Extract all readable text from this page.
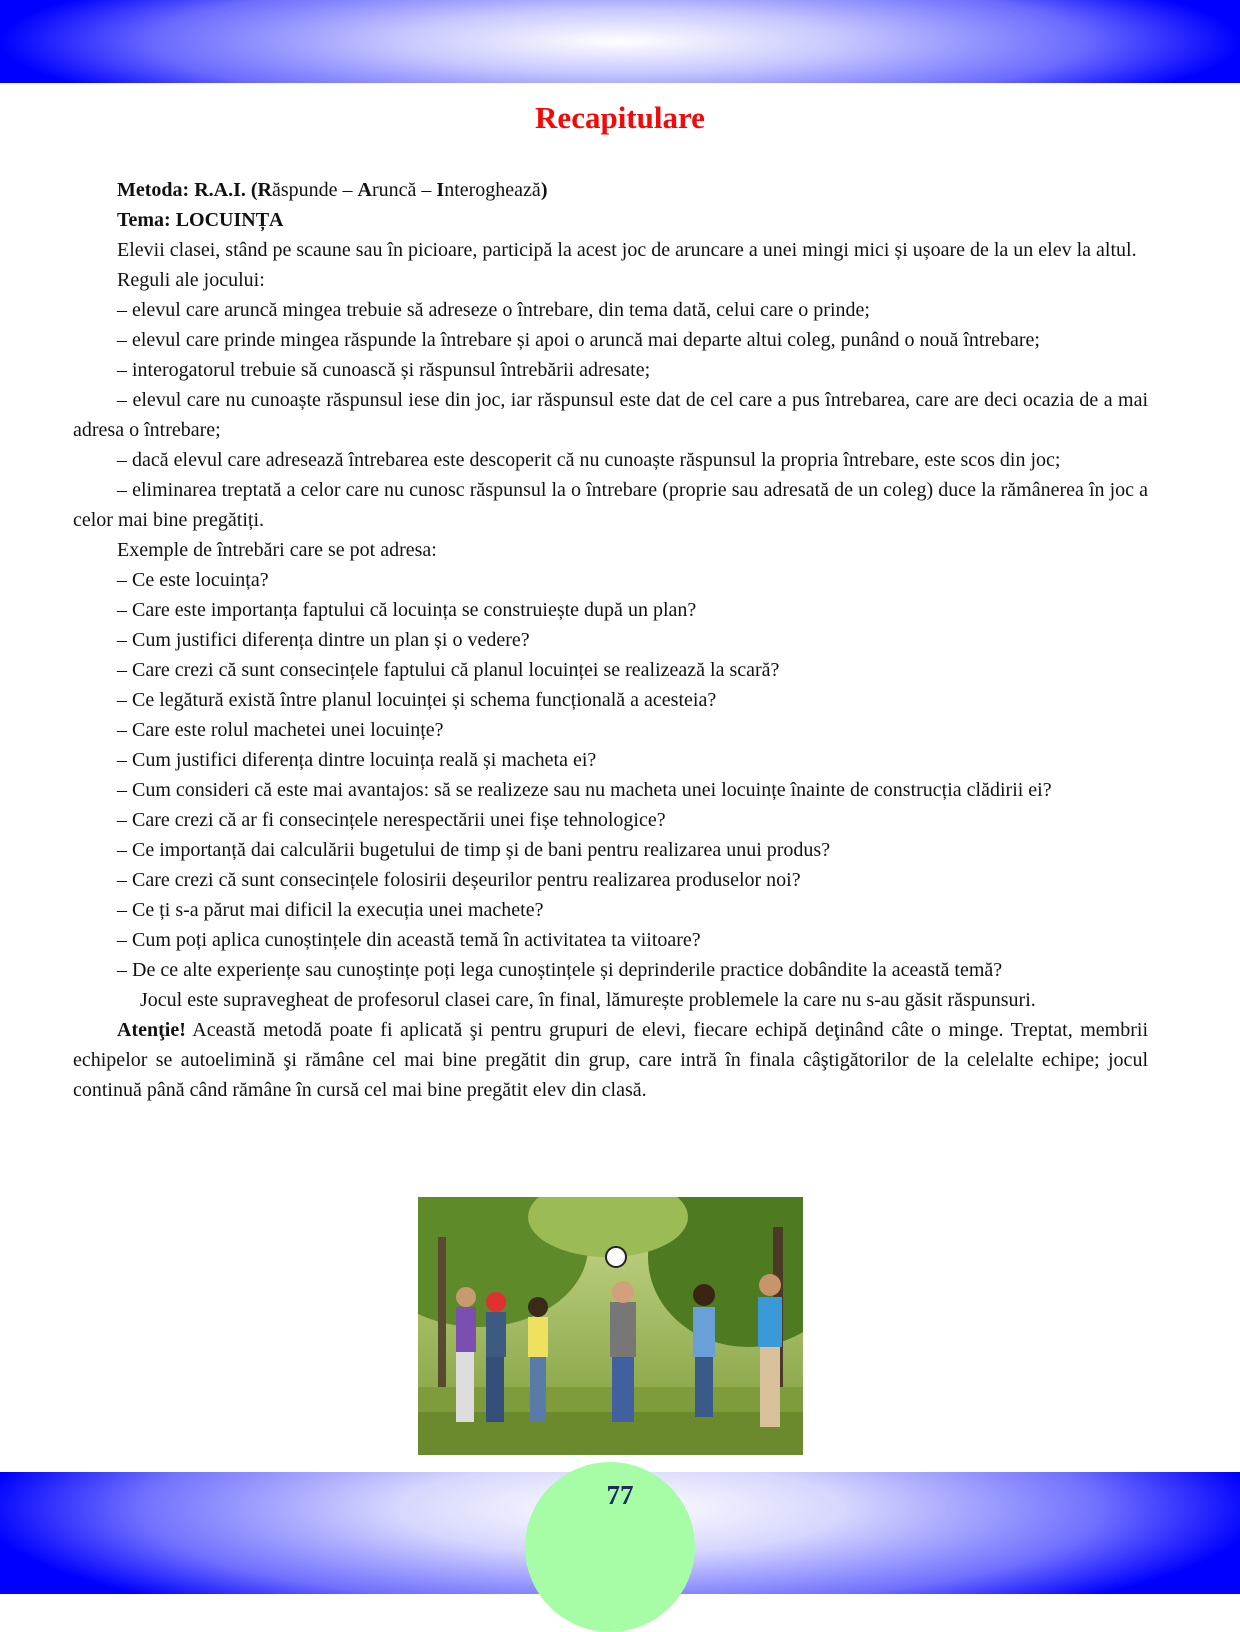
Recapitulare

Metoda: R.A.I. (Răspunde – Aruncă – Interoghează)

Tema: LOCUINȚA

Elevii clasei, stând pe scaune sau în picioare, participă la acest joc de aruncare a unei mingi mici și ușoare de la un elev la altul.

Reguli ale jocului:

– elevul care aruncă mingea trebuie să adreseze o întrebare, din tema dată, celui care o prinde;

– elevul care prinde mingea răspunde la întrebare și apoi o aruncă mai departe altui coleg, punând o nouă întrebare;

– interogatorul trebuie să cunoască și răspunsul întrebării adresate;

– elevul care nu cunoaște răspunsul iese din joc, iar răspunsul este dat de cel care a pus întrebarea, care are deci ocazia de a mai adresa o întrebare;

– dacă elevul care adresează întrebarea este descoperit că nu cunoaște răspunsul la propria întrebare, este scos din joc;

– eliminarea treptată a celor care nu cunosc răspunsul la o întrebare (proprie sau adresată de un coleg) duce la rămânerea în joc a celor mai bine pregătiți.

Exemple de întrebări care se pot adresa:

– Ce este locuința?

– Care este importanța faptului că locuința se construiește după un plan?

– Cum justifici diferența dintre un plan și o vedere?

– Care crezi că sunt consecințele faptului că planul locuinței se realizează la scară?

– Ce legătură există între planul locuinței și schema funcțională a acesteia?

– Care este rolul machetei unei locuințe?

– Cum justifici diferența dintre locuința reală și macheta ei?

– Cum consideri că este mai avantajos: să se realizeze sau nu macheta unei locuințe înainte de construcția clădirii ei?

– Care crezi că ar fi consecințele nerespectării unei fișe tehnologice?

– Ce importanță dai calculării bugetului de timp și de bani pentru realizarea unui produs?

– Care crezi că sunt consecințele folosirii deșeurilor pentru realizarea produselor noi?

– Ce ți s-a părut mai dificil la execuția unei machete?

– Cum poți aplica cunoștințele din această temă în activitatea ta viitoare?

– De ce alte experiențe sau cunoștințe poți lega cunoștințele și deprinderile practice dobândite la această temă?

Jocul este supravegheat de profesorul clasei care, în final, lămurește problemele la care nu s-au găsit răspunsuri.

Atenţie! Această metodă poate fi aplicată şi pentru grupuri de elevi, fiecare echipă deţinând câte o minge. Treptat, membrii echipelor se autoelimină şi rămâne cel mai bine pregătit din grup, care intră în finala câştigătorilor de la celelalte echipe; jocul continuă până când rămâne în cursă cel mai bine pregătit elev din clasă.

77
